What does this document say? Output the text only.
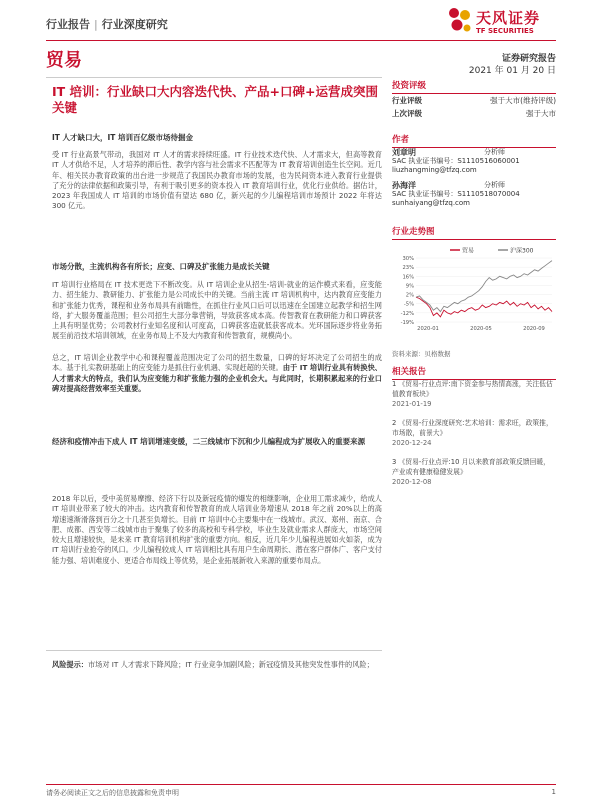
行业报告 | 行业深度研究	天风证券
TF SECURITIES
贸易	证券研究报告
2021 年 01 月 20 日
IT 培训：行业缺口大内容迭代快、产品+口碑+运营成突围关键
投资评级
行业评级	强于大市(维持评级)
上次评级	强于大市
作者
刘章明	分析师
SAC 执业证书编号：S1110516060001
liuzhangming@tfzq.com
孙海洋	分析师
SAC 执业证书编号：S1110518070004
sunhaiyang@tfzq.com
行业走势图
贸易	沪深300
30%
23%
16%
9%
2%
-5%
-12%
-19%
2020-01	2020-05	2020-09
资料来源：贝格数据
相关报告
1 《贸易-行业点评:南下资金参与热情高涨，关注低估值教育板块》
2021-01-19
2 《贸易-行业深度研究:艺术培训：需求旺，政策推，市场散，前景大》
2020-12-24
3 《贸易-行业点评:10 月以来教育部政策反馈回暖，产业或有健康稳健发展》
2020-12-08
IT 人才缺口大，IT 培训百亿级市场待掘金
受 IT 行业高景气带动，我国对 IT 人才的需求持续旺盛。IT 行业技术迭代快、人才需求大，但高等教育 IT 人才供给不足，人才培养的滞后性、教学内容与社会需求不匹配等为 IT 教育培训创造生长空间。近几年、相关民办教育政策的出台进一步规范了我国民办教育市场的发展，也为民间资本进入教育行业提供了充分的法律依据和政策引导，有利于吸引更多的资本投入 IT 教育培训行业，优化行业供给。据估计，2023 年我国成人 IT 培训的市场价值有望达 680 亿，新兴起的少儿编程培训市场预计 2022 年将达 300 亿元。
市场分散，主流机构各有所长；应变、口碑及扩张能力是成长关键
IT 培训行业格局在 IT 技术更迭下不断改变。从 IT 培训企业从招生-培训-就业的运作模式来看，应变能力、招生能力、教研能力、扩张能力是公司成长中的关键。当前主流 IT 培训机构中，达内教育应变能力和扩张能力优秀，课程和业务布局具有前瞻性，在抓住行业风口后可以迅速在全国建立起教学和招生网络，扩大服务覆盖范围；但公司招生大部分靠营销，导致获客成本高。传智教育在教研能力和口碑获客上具有明显优势；公司教材行业知名度和认可度高，口碑获客造就低获客成本。光环国际逐步将业务拓展至前沿技术培训领域，在业务布局上不及大内教育和传智教育，规模尚小。
总之，IT 培训企业教学中心和课程覆盖范围决定了公司的招生数量，口碑的好坏决定了公司招生的成本。基于扎实教研基础上的应变能力是抓住行业机遇、实现赶超的关键。由于 IT 培训行业具有转换快、人才需求大的特点，我们认为应变能力和扩张能力强的企业机会大。与此同时，长期积累起来的行业口碑对提高经营效率至关重要。
经济和疫情冲击下成人 IT 培训增速变缓，二三线城市下沉和少儿编程成为扩展收入的重要来源
2018 年以后，受中美贸易摩擦、经济下行以及新冠疫情的爆发的相继影响，企业用工需求减少，给成人 IT 培训业带来了较大的冲击。达内教育和传智教育的成人培训业务增速从 2018 年之前 20%以上的高增速速渐滑落到百分之十几甚至负增长。目前 IT 培训中心主要集中在一线城市。武汉、郑州、南京、合肥、成都、西安等二线城市由于聚集了较多的高校和专科学校，毕业生及就业需求人群庞大，市场空间较大且增速较快，是未来 IT 教育培训机构扩张的重要方向。相反，近几年少儿编程进展如火如荼，成为 IT 培训行业抢夺的风口。少儿编程较成人 IT 培训相比具有用户生命周期长、潜在客户群体广、客户支付能力强、培训难度小、更适合布局线上等优势，是企业拓展新收入来源的重要布局点。
风险提示：市场对 IT 人才需求下降风险；IT 行业竞争加剧风险；新冠疫情及其他突发性事件的风险；
请务必阅读正文之后的信息披露和免责申明	1
